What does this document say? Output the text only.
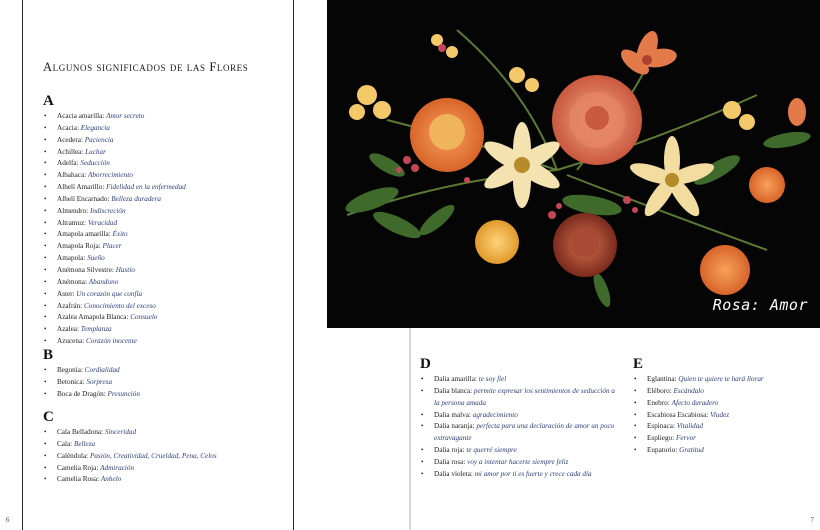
Algunos significados de las Flores
A
• Acacia amarilla: Amor secreto
• Acacia: Elegancia
• Acedera: Paciencia
• Achillea: Luchar
• Adelfa: Seducción
• Albahaca: Aborrecimiento
• Alhelí Amarillo: Fidelidad en la enfermedad
• Alhelí Encarnado: Belleza duradera
• Almendro: Indiscreción
• Altramuz: Veracidad
• Amapola amarilla: Éxito
• Amapola Roja: Placer
• Amapola: Sueño
• Anémona Silvestre: Hastío
• Anémona: Abandono
• Aster: Un corazón que confía
• Azafrán: Conocimiento del exceso
• Azalea Amapola Blanca: Consuelo
• Azalea: Templanza
• Azucena: Corazón inocente
B
• Begonia: Cordialidad
• Betonica: Sorpresa
• Boca de Dragón: Presunción
C
• Cala Belladona: Sinceridad
• Cala: Belleza
• Caléndula: Pasión, Creatividad, Crueldad, Pena, Celos
• Camelia Roja: Admiración
• Camelia Rosa: Anhelo
D
• Dalia amarilla: te soy fiel
• Dalia blanca: permite expresar los sentimientos de seducción a la persona amada
• Dalia malva: agradecimiento
• Dalia naranja: perfecta para una declaración de amor un poco extravagante
• Dalia roja: te querré siempre
• Dalia rosa: voy a intentar hacerte siempre feliz
• Dalia violeta: mi amor por ti es fuerte y crece cada día
E
• Eglantina: Quien te quiere te hará llorar
• Eléboro: Escándalo
• Enebro: Afecto duradero
• Escabiosa Escabiosa: Viudez
• Espinaca: Vitalidad
• Espliego: Fervor
• Eupatorio: Gratitud
Rosa: Amor
6	7
